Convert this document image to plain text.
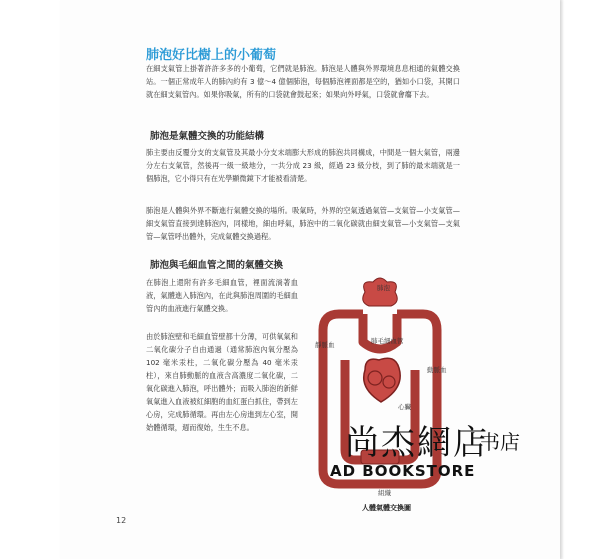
肺泡好比樹上的小葡萄
在細支氣管上掛著許許多多的小葡萄，它們就是肺泡。肺泡是人體與外界環境息息相通的氣體交換站。一個正常成年人的肺內約有 3 億～4 億個肺泡，每個肺泡裡面都是空的，猶如小口袋，其開口就在細支氣管內。如果你吸氣，所有的口袋就會鼓起來；如果向外呼氣，口袋就會癟下去。
肺泡是氣體交換的功能結構
肺主要由反覆分支的支氣管及其最小分支末端膨大形成的肺泡共同構成，中間是一個大氣管，兩邊分左右支氣管，然後再一級一級地分，一共分成 23 級，經過 23 級分枝，到了肺的最末端就是一個肺泡，它小得只有在光學顯微鏡下才能被看清楚。
肺泡是人體與外界不斷進行氣體交換的場所。吸氣時，外界的空氣透過氣管—支氣管—小支氣管—細支氣管直接到達肺泡內，同樣地，細由呼氣，肺泡中的二氧化碳就由細支氣管—小支氣管—支氣管—氣管呼出體外，完成氣體交換過程。
肺泡與毛細血管之間的氣體交換
在肺泡上還附有許多毛細血管，裡面流淌著血液，氣體進入肺泡內，在此與肺泡周圍的毛細血管內的血液進行氣體交換。
由於肺泡壁和毛細血管壁都十分薄，可供氧氣和二氧化碳分子自由通過（通常肺泡內氧分壓為 102 毫米汞柱，二氧化碳分壓為 40 毫米汞柱），來自肺動脈的血液含高濃度二氧化碳，二氧化碳進入肺泡，呼出體外；而吸入肺泡的新鮮氧氣進入血液被紅細胞的血紅蛋白抓住，帶到左心房，完成肺循環。再由左心房進到左心室，開始體循環，週而復始，生生不息。
肺泡
肺毛細血管
靜脈血
動脈血
心臟
組織
人體氣體交換圖
12
尚杰網店
书店
AD BOOKSTORE
